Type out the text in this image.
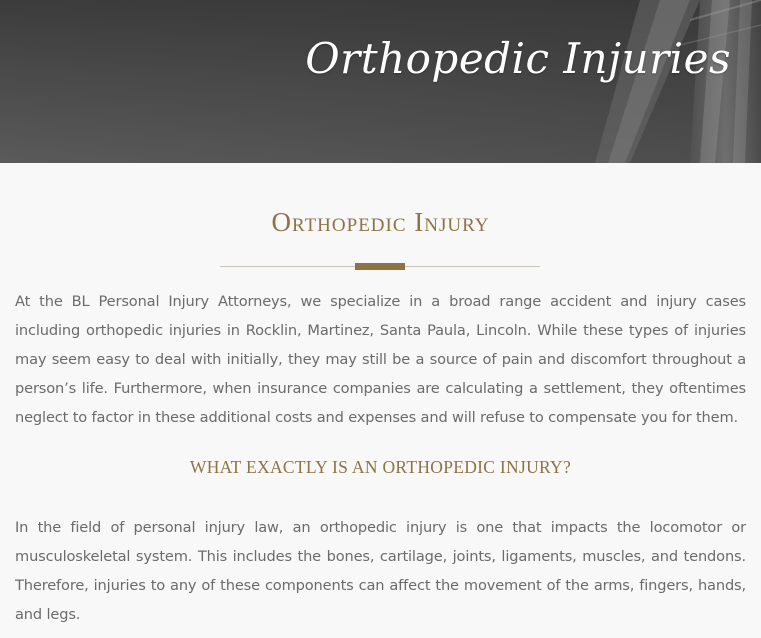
Orthopedic Injuries
Orthopedic Injury

At the BL Personal Injury Attorneys, we specialize in a broad range accident and injury cases including orthopedic injuries in Rocklin, Martinez, Santa Paula, Lincoln. While these types of injuries may seem easy to deal with initially, they may still be a source of pain and discomfort throughout a person’s life. Furthermore, when insurance companies are calculating a settlement, they oftentimes neglect to factor in these additional costs and expenses and will refuse to compensate you for them.

WHAT EXACTLY IS AN ORTHOPEDIC INJURY?

In the field of personal injury law, an orthopedic injury is one that impacts the locomotor or musculoskeletal system. This includes the bones, cartilage, joints, ligaments, muscles, and tendons. Therefore, injuries to any of these components can affect the movement of the arms, fingers, hands, and legs.
